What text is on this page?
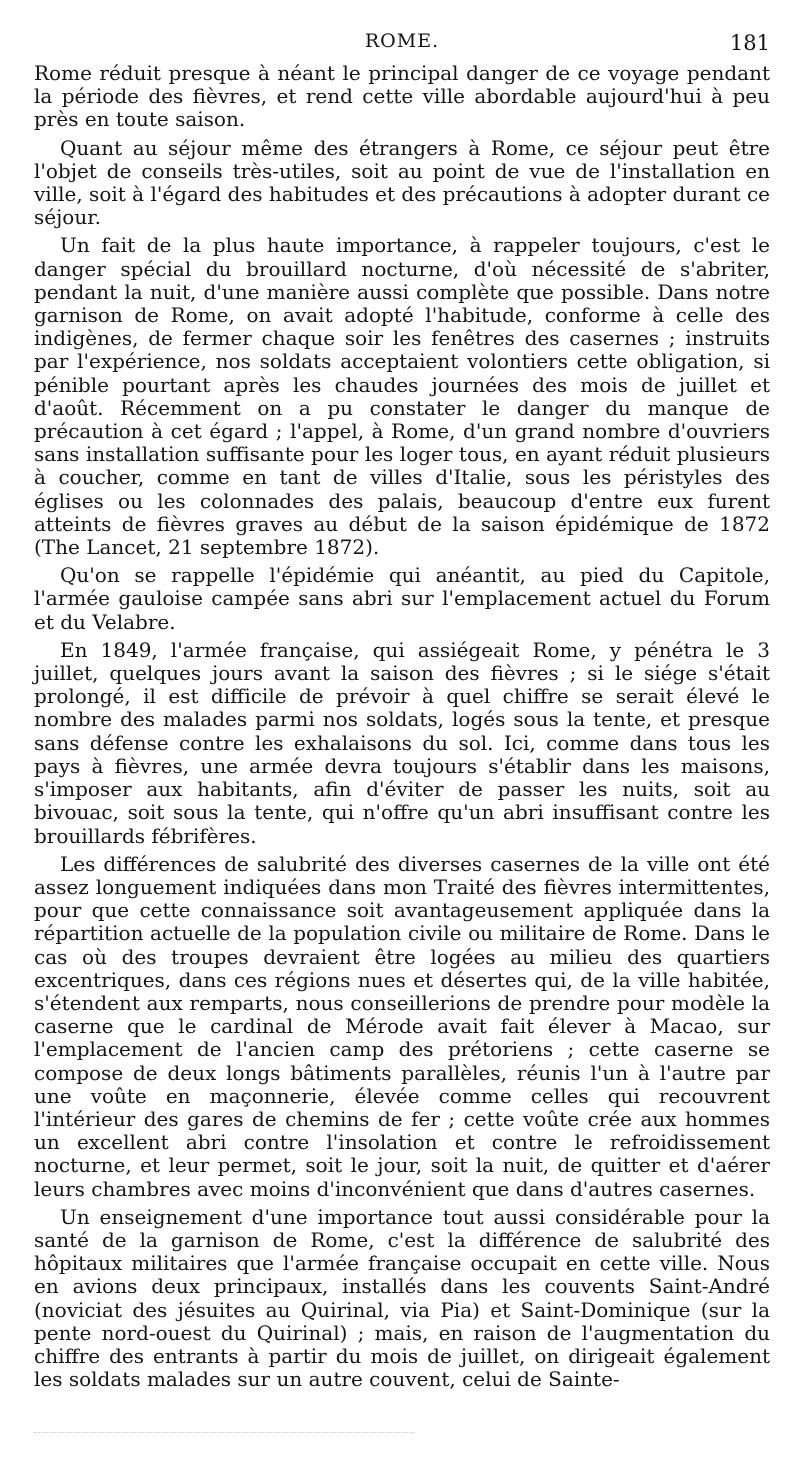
ROME.	181

Rome réduit presque à néant le principal danger de ce voyage pendant la période des fièvres, et rend cette ville abordable aujourd'hui à peu près en toute saison.

Quant au séjour même des étrangers à Rome, ce séjour peut être l'objet de conseils très-utiles, soit au point de vue de l'installation en ville, soit à l'égard des habitudes et des précautions à adopter durant ce séjour.

Un fait de la plus haute importance, à rappeler toujours, c'est le danger spécial du brouillard nocturne, d'où nécessité de s'abriter, pendant la nuit, d'une manière aussi complète que possible. Dans notre garnison de Rome, on avait adopté l'habitude, conforme à celle des indigènes, de fermer chaque soir les fenêtres des casernes ; instruits par l'expérience, nos soldats acceptaient volontiers cette obligation, si pénible pourtant après les chaudes journées des mois de juillet et d'août. Récemment on a pu constater le danger du manque de précaution à cet égard ; l'appel, à Rome, d'un grand nombre d'ouvriers sans installation suffisante pour les loger tous, en ayant réduit plusieurs à coucher, comme en tant de villes d'Italie, sous les péristyles des églises ou les colonnades des palais, beaucoup d'entre eux furent atteints de fièvres graves au début de la saison épidémique de 1872 (The Lancet, 21 septembre 1872).

Qu'on se rappelle l'épidémie qui anéantit, au pied du Capitole, l'armée gauloise campée sans abri sur l'emplacement actuel du Forum et du Velabre.

En 1849, l'armée française, qui assiégeait Rome, y pénétra le 3 juillet, quelques jours avant la saison des fièvres ; si le siége s'était prolongé, il est difficile de prévoir à quel chiffre se serait élevé le nombre des malades parmi nos soldats, logés sous la tente, et presque sans défense contre les exhalaisons du sol. Ici, comme dans tous les pays à fièvres, une armée devra toujours s'établir dans les maisons, s'imposer aux habitants, afin d'éviter de passer les nuits, soit au bivouac, soit sous la tente, qui n'offre qu'un abri insuffisant contre les brouillards fébrifères.

Les différences de salubrité des diverses casernes de la ville ont été assez longuement indiquées dans mon Traité des fièvres intermittentes, pour que cette connaissance soit avantageusement appliquée dans la répartition actuelle de la population civile ou militaire de Rome. Dans le cas où des troupes devraient être logées au milieu des quartiers excentriques, dans ces régions nues et désertes qui, de la ville habitée, s'étendent aux remparts, nous conseillerions de prendre pour modèle la caserne que le cardinal de Mérode avait fait élever à Macao, sur l'emplacement de l'ancien camp des prétoriens ; cette caserne se compose de deux longs bâtiments parallèles, réunis l'un à l'autre par une voûte en maçonnerie, élevée comme celles qui recouvrent l'intérieur des gares de chemins de fer ; cette voûte crée aux hommes un excellent abri contre l'insolation et contre le refroidissement nocturne, et leur permet, soit le jour, soit la nuit, de quitter et d'aérer leurs chambres avec moins d'inconvénient que dans d'autres casernes.

Un enseignement d'une importance tout aussi considérable pour la santé de la garnison de Rome, c'est la différence de salubrité des hôpitaux militaires que l'armée française occupait en cette ville. Nous en avions deux principaux, installés dans les couvents Saint-André (noviciat des jésuites au Quirinal, via Pia) et Saint-Dominique (sur la pente nord-ouest du Quirinal) ; mais, en raison de l'augmentation du chiffre des entrants à partir du mois de juillet, on dirigeait également les soldats malades sur un autre couvent, celui de Sainte-
